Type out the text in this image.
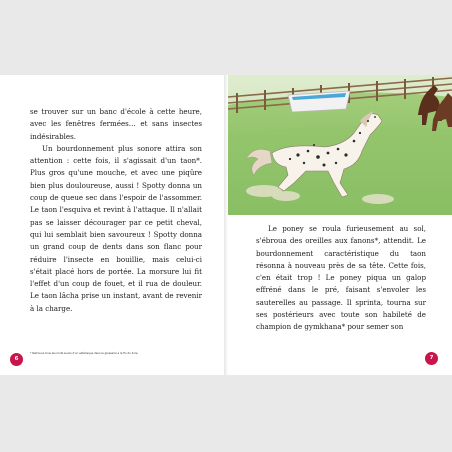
se trouver sur un banc d'école à cette heure, avec les fenêtres fermées… et sans insectes indésirables.

Un bourdonnement plus sonore attira son attention : cette fois, il s'agissait d'un taon*. Plus gros qu'une mouche, et avec une piqûre bien plus douloureuse, aussi ! Spotty donna un coup de queue sec dans l'espoir de l'assommer. Le taon l'esquiva et revint à l'attaque. Il n'allait pas se laisser décourager par ce petit cheval, qui lui semblait bien savoureux ! Spotty donna un grand coup de dents dans son flanc pour réduire l'insecte en bouillie, mais celui-ci s'était placé hors de portée. La morsure lui fit l'effet d'un coup de fouet, et il rua de douleur. Le taon lâcha prise un instant, avant de revenir à la charge.

* Retrouve tous les mots suivis d'un astérisque dans le glossaire à la fin du livre.
6

Le poney se roula furieusement au sol, s'ébroua des oreilles aux fanons*, attendit. Le bourdonnement caractéristique du taon résonna à nouveau près de sa tête. Cette fois, c'en était trop ! Le poney piqua un galop effréné dans le pré, faisant s'envoler les sauterelles au passage. Il sprinta, tourna sur ses postérieurs avec toute son habileté de champion de gymkhana* pour semer son

7
